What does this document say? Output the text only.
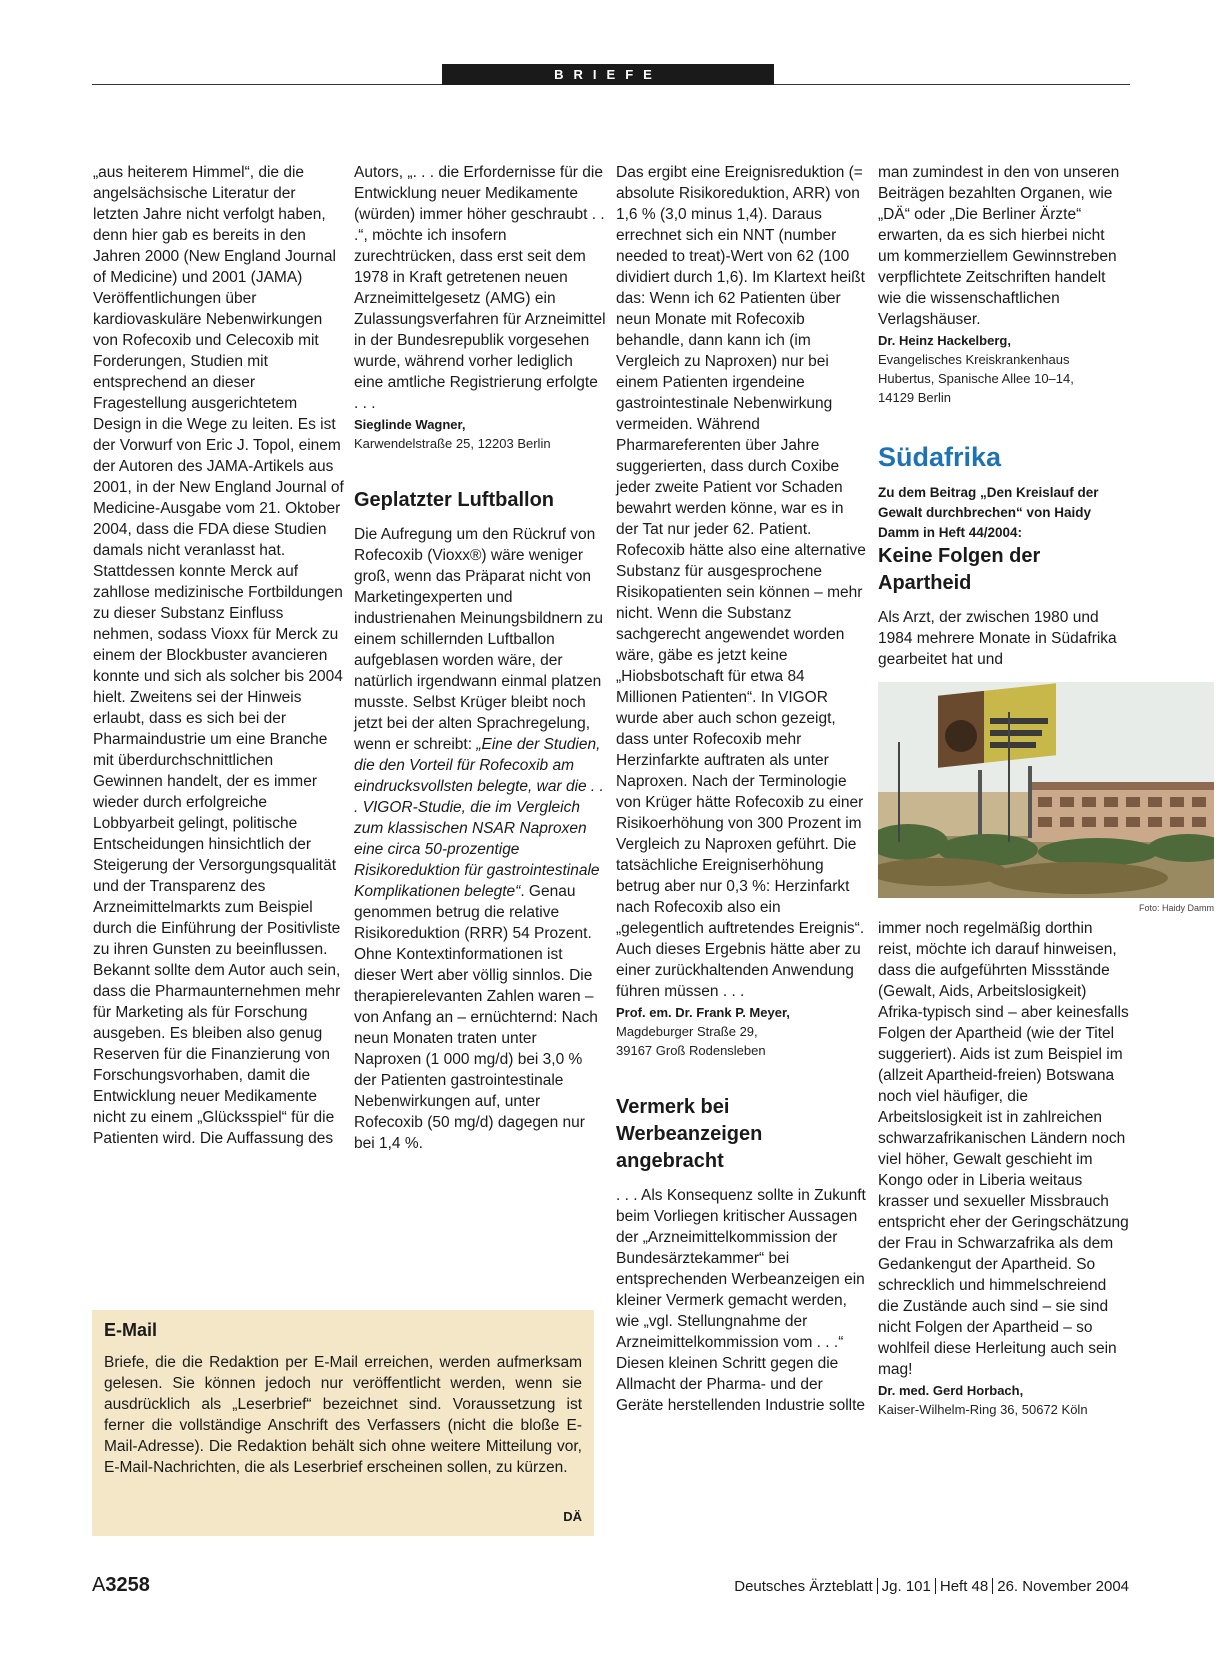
BRIEFE

„aus heiterem Himmel“, die die angelsächsische Literatur der letzten Jahre nicht verfolgt haben, denn hier gab es bereits in den Jahren 2000 (New England Journal of Medicine) und 2001 (JAMA) Veröffentlichungen über kardiovaskuläre Nebenwirkungen von Rofecoxib und Celecoxib mit Forderungen, Studien mit entsprechend an dieser Fragestellung ausgerichtetem Design in die Wege zu leiten. Es ist der Vorwurf von Eric J. Topol, einem der Autoren des JAMA-Artikels aus 2001, in der New England Journal of Medicine-Ausgabe vom 21. Oktober 2004, dass die FDA diese Studien damals nicht veranlasst hat. Stattdessen konnte Merck auf zahllose medizinische Fortbildungen zu dieser Substanz Einfluss nehmen, sodass Vioxx für Merck zu einem der Blockbuster avancieren konnte und sich als solcher bis 2004 hielt. Zweitens sei der Hinweis erlaubt, dass es sich bei der Pharmaindustrie um eine Branche mit überdurchschnittlichen Gewinnen handelt, der es immer wieder durch erfolgreiche Lobbyarbeit gelingt, politische Entscheidungen hinsichtlich der Steigerung der Versorgungsqualität und der Transparenz des Arzneimittelmarkts zum Beispiel durch die Einführung der Positivliste zu ihren Gunsten zu beeinflussen. Bekannt sollte dem Autor auch sein, dass die Pharmaunternehmen mehr für Marketing als für Forschung ausgeben. Es bleiben also genug Reserven für die Finanzierung von Forschungsvorhaben, damit die Entwicklung neuer Medikamente nicht zu einem „Glücksspiel“ für die Patienten wird. Die Auffassung des

Autors, „. . . die Erfordernisse für die Entwicklung neuer Medikamente (würden) immer höher geschraubt . . .“, möchte ich insofern zurechtrücken, dass erst seit dem 1978 in Kraft getretenen neuen Arzneimittelgesetz (AMG) ein Zulassungsverfahren für Arzneimittel in der Bundesrepublik vorgesehen wurde, während vorher lediglich eine amtliche Registrierung erfolgte . . .

Sieglinde Wagner,
Karwendelstraße 25, 12203 Berlin
Geplatzter Luftballon

Die Aufregung um den Rückruf von Rofecoxib (Vioxx®) wäre weniger groß, wenn das Präparat nicht von Marketingexperten und industrienahen Meinungsbildnern zu einem schillernden Luftballon aufgeblasen worden wäre, der natürlich irgendwann einmal platzen musste. Selbst Krüger bleibt noch jetzt bei der alten Sprachregelung, wenn er schreibt: „Eine der Studien, die den Vorteil für Rofecoxib am eindrucksvollsten belegte, war die . . . VIGOR-Studie, die im Vergleich zum klassischen NSAR Naproxen eine circa 50-prozentige Risikoreduktion für gastrointestinale Komplikationen belegte“. Genau genommen betrug die relative Risikoreduktion (RRR) 54 Prozent. Ohne Kontextinformationen ist dieser Wert aber völlig sinnlos. Die therapierelevanten Zahlen waren – von Anfang an – ernüchternd: Nach neun Monaten traten unter Naproxen (1 000 mg/d) bei 3,0 % der Patienten gastrointestinale Nebenwirkungen auf, unter Rofecoxib (50 mg/d) dagegen nur bei 1,4 %.

Das ergibt eine Ereignisreduktion (= absolute Risikoreduktion, ARR) von 1,6 % (3,0 minus 1,4). Daraus errechnet sich ein NNT (number needed to treat)-Wert von 62 (100 dividiert durch 1,6). Im Klartext heißt das: Wenn ich 62 Patienten über neun Monate mit Rofecoxib behandle, dann kann ich (im Vergleich zu Naproxen) nur bei einem Patienten irgendeine gastrointestinale Nebenwirkung vermeiden. Während Pharmareferenten über Jahre suggerierten, dass durch Coxibe jeder zweite Patient vor Schaden bewahrt werden könne, war es in der Tat nur jeder 62. Patient. Rofecoxib hätte also eine alternative Substanz für ausgesprochene Risikopatienten sein können – mehr nicht. Wenn die Substanz sachgerecht angewendet worden wäre, gäbe es jetzt keine „Hiobsbotschaft für etwa 84 Millionen Patienten“. In VIGOR wurde aber auch schon gezeigt, dass unter Rofecoxib mehr Herzinfarkte auftraten als unter Naproxen. Nach der Terminologie von Krüger hätte Rofecoxib zu einer Risikoerhöhung von 300 Prozent im Vergleich zu Naproxen geführt. Die tatsächliche Ereigniserhöhung betrug aber nur 0,3 %: Herzinfarkt nach Rofecoxib also ein „gelegentlich auftretendes Ereignis“. Auch dieses Ergebnis hätte aber zu einer zurückhaltenden Anwendung führen müssen . . .

Prof. em. Dr. Frank P. Meyer,
Magdeburger Straße 29,
39167 Groß Rodensleben
Vermerk bei Werbeanzeigen angebracht

. . . Als Konsequenz sollte in Zukunft beim Vorliegen kritischer Aussagen der „Arzneimittelkommission der Bundesärztekammer“ bei entsprechenden Werbeanzeigen ein kleiner Vermerk gemacht werden, wie „vgl. Stellungnahme der Arzneimittelkommission vom . . .“ Diesen kleinen Schritt gegen die Allmacht der Pharma- und der Geräte herstellenden Industrie sollte

man zumindest in den von unseren Beiträgen bezahlten Organen, wie „DÄ“ oder „Die Berliner Ärzte“ erwarten, da es sich hierbei nicht um kommerziellem Gewinnstreben verpflichtete Zeitschriften handelt wie die wissenschaftlichen Verlagshäuser.

Dr. Heinz Hackelberg,
Evangelisches Kreiskrankenhaus
Hubertus, Spanische Allee 10–14,
14129 Berlin
Südafrika

Zu dem Beitrag „Den Kreislauf der Gewalt durchbrechen“ von Haidy Damm in Heft 44/2004:

Keine Folgen der Apartheid

Als Arzt, der zwischen 1980 und 1984 mehrere Monate in Südafrika gearbeitet hat und

Foto: Haidy Damm

immer noch regelmäßig dorthin reist, möchte ich darauf hinweisen, dass die aufgeführten Missstände (Gewalt, Aids, Arbeitslosigkeit) Afrika-typisch sind – aber keinesfalls Folgen der Apartheid (wie der Titel suggeriert). Aids ist zum Beispiel im (allzeit Apartheid-freien) Botswana noch viel häufiger, die Arbeitslosigkeit ist in zahlreichen schwarzafrikanischen Ländern noch viel höher, Gewalt geschieht im Kongo oder in Liberia weitaus krasser und sexueller Missbrauch entspricht eher der Geringschätzung der Frau in Schwarzafrika als dem Gedankengut der Apartheid. So schrecklich und himmelschreiend die Zustände auch sind – sie sind nicht Folgen der Apartheid – so wohlfeil diese Herleitung auch sein mag!

Dr. med. Gerd Horbach,
Kaiser-Wilhelm-Ring 36, 50672 Köln
E-Mail
Briefe, die die Redaktion per E-Mail erreichen, werden aufmerksam gelesen. Sie können jedoch nur veröffentlicht werden, wenn sie ausdrücklich als „Leserbrief“ bezeichnet sind. Voraussetzung ist ferner die vollständige Anschrift des Verfassers (nicht die bloße E-Mail-Adresse). Die Redaktion behält sich ohne weitere Mitteilung vor, E-Mail-Nachrichten, die als Leserbrief erscheinen sollen, zu kürzen.
DÄ
A3258	Deutsches Ärzteblatt Jg. 101 Heft 48 26. November 2004
